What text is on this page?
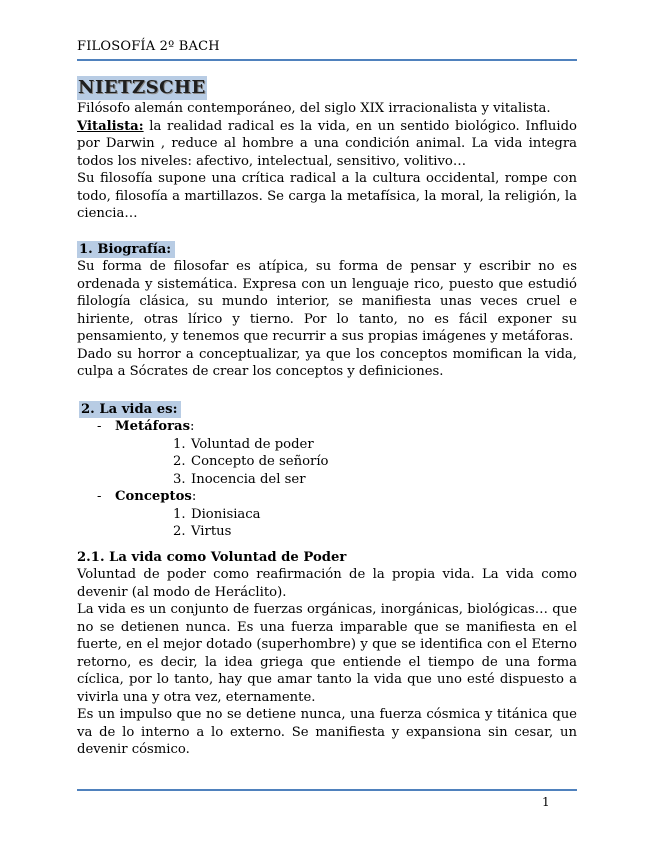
FILOSOFÍA 2º BACH
NIETZSCHE

Filósofo alemán contemporáneo, del siglo XIX irracionalista y vitalista.

Vitalista: la realidad radical es la vida, en un sentido biológico. Influido por Darwin , reduce al hombre a una condición animal. La vida integra todos los niveles: afectivo, intelectual, sensitivo, volitivo…

Su filosofía supone una crítica radical a la cultura occidental, rompe con todo, filosofía a martillazos. Se carga la metafísica, la moral, la religión, la ciencia…

1. Biografía:

Su forma de filosofar es atípica, su forma de pensar y escribir no es ordenada y sistemática. Expresa con un lenguaje rico, puesto que estudió filología clásica, su mundo interior, se manifiesta unas veces cruel e hiriente, otras lírico y tierno. Por lo tanto, no es fácil exponer su pensamiento, y tenemos que recurrir a sus propias imágenes y metáforas.

Dado su horror a conceptualizar, ya que los conceptos momifican la vida, culpa a Sócrates de crear los conceptos y definiciones.

2. La vida es:
- Metáforas:
1. Voluntad de poder
2. Concepto de señorío
3. Inocencia del ser
- Conceptos:
1. Dionisiaca
2. Virtus
2.1. La vida como Voluntad de Poder

Voluntad de poder como reafirmación de la propia vida. La vida como devenir (al modo de Heráclito).

La vida es un conjunto de fuerzas orgánicas, inorgánicas, biológicas… que no se detienen nunca. Es una fuerza imparable que se manifiesta en el fuerte, en el mejor dotado (superhombre) y que se identifica con el Eterno retorno, es decir, la idea griega que entiende el tiempo de una forma cíclica, por lo tanto, hay que amar tanto la vida que uno esté dispuesto a vivirla una y otra vez, eternamente.

Es un impulso que no se detiene nunca, una fuerza cósmica y titánica que va de lo interno a lo externo. Se manifiesta y expansiona sin cesar, un devenir cósmico.

1
